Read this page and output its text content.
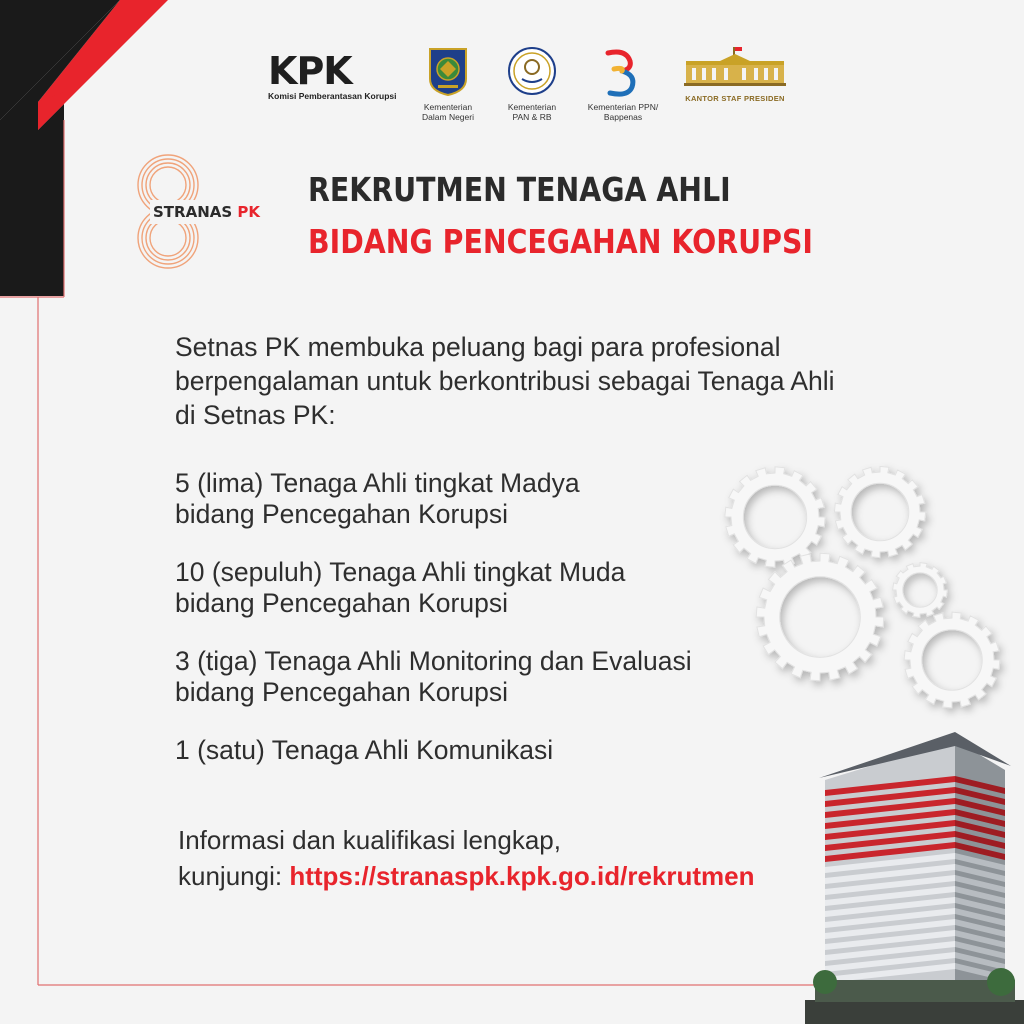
KPK
Komisi Pemberantasan Korupsi
Kementerian
Dalam Negeri
Kementerian
PAN & RB
Kementerian PPN/
Bappenas
KANTOR STAF PRESIDEN
STRANAS PK
REKRUTMEN TENAGA AHLI
BIDANG PENCEGAHAN KORUPSI
Setnas PK membuka peluang bagi para profesional
berpengalaman untuk berkontribusi sebagai Tenaga Ahli
di Setnas PK:
5 (lima) Tenaga Ahli tingkat Madya
bidang Pencegahan Korupsi
10 (sepuluh) Tenaga Ahli tingkat Muda
bidang Pencegahan Korupsi
3 (tiga) Tenaga Ahli Monitoring dan Evaluasi
bidang Pencegahan Korupsi
1 (satu) Tenaga Ahli Komunikasi
Informasi dan kualifikasi lengkap,
kunjungi: https://stranaspk.kpk.go.id/rekrutmen
